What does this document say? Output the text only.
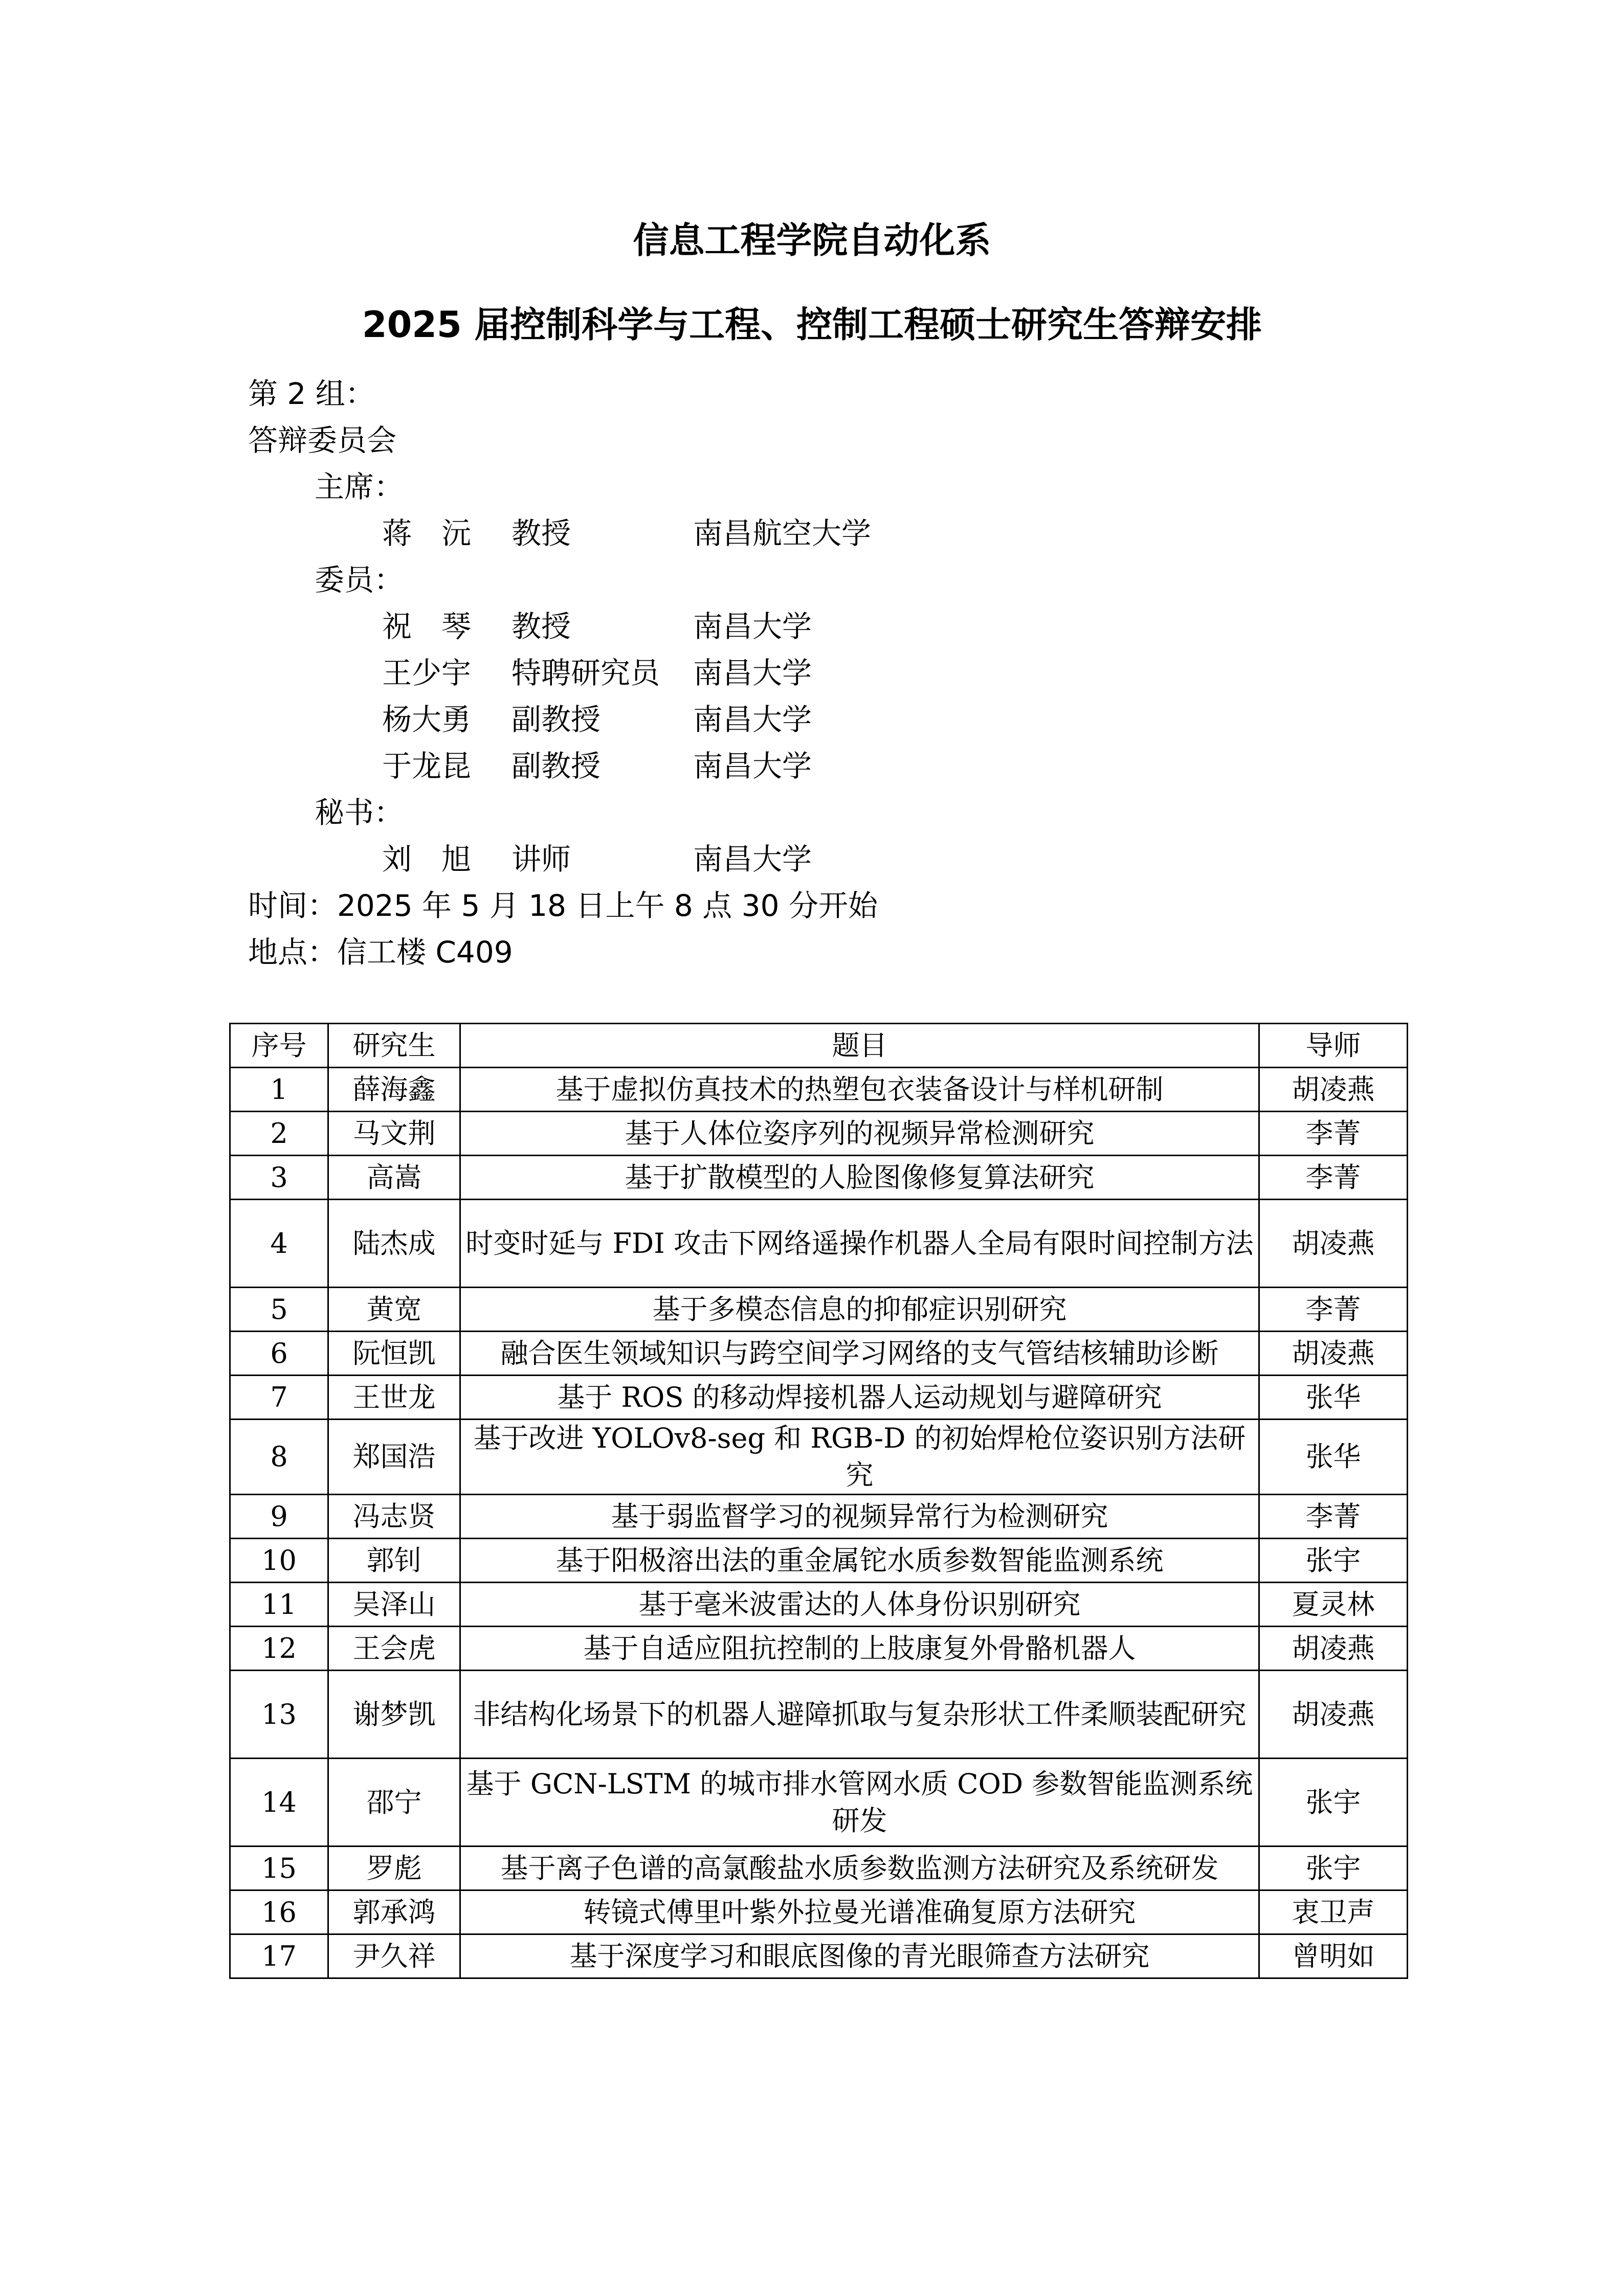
信息工程学院自动化系
2025 届控制科学与工程、控制工程硕士研究生答辩安排
第 2 组：
答辩委员会
主席：
蒋　沅 教授	南昌航空大学
委员：
祝　琴 教授	南昌大学
王少宇 特聘研究员 南昌大学
杨大勇 副教授	南昌大学
于龙昆 副教授	南昌大学
秘书：
刘　旭 讲师	南昌大学
时间：2025 年 5 月 18 日上午 8 点 30 分开始
地点：信工楼 C409
序号	研究生	题目	导师
1	薛海鑫	基于虚拟仿真技术的热塑包衣装备设计与样机研制	胡凌燕
2	马文荆	基于人体位姿序列的视频异常检测研究	李菁
3	高嵩	基于扩散模型的人脸图像修复算法研究	李菁
4	陆杰成	时变时延与 FDI 攻击下网络遥操作机器人全局有限时间控制方法	胡凌燕
5	黄宽	基于多模态信息的抑郁症识别研究	李菁
6	阮恒凯	融合医生领域知识与跨空间学习网络的支气管结核辅助诊断	胡凌燕
7	王世龙	基于 ROS 的移动焊接机器人运动规划与避障研究	张华
8	郑国浩	基于改进 YOLOv8-seg 和 RGB-D 的初始焊枪位姿识别方法研究	张华
9	冯志贤	基于弱监督学习的视频异常行为检测研究	李菁
10	郭钊	基于阳极溶出法的重金属铊水质参数智能监测系统	张宇
11	吴泽山	基于毫米波雷达的人体身份识别研究	夏灵林
12	王会虎	基于自适应阻抗控制的上肢康复外骨骼机器人	胡凌燕
13	谢梦凯	非结构化场景下的机器人避障抓取与复杂形状工件柔顺装配研究	胡凌燕
14	邵宁	基于 GCN-LSTM 的城市排水管网水质 COD 参数智能监测系统研发	张宇
15	罗彪	基于离子色谱的高氯酸盐水质参数监测方法研究及系统研发	张宇
16	郭承鸿	转镜式傅里叶紫外拉曼光谱准确复原方法研究	衷卫声
17	尹久祥	基于深度学习和眼底图像的青光眼筛查方法研究	曾明如
